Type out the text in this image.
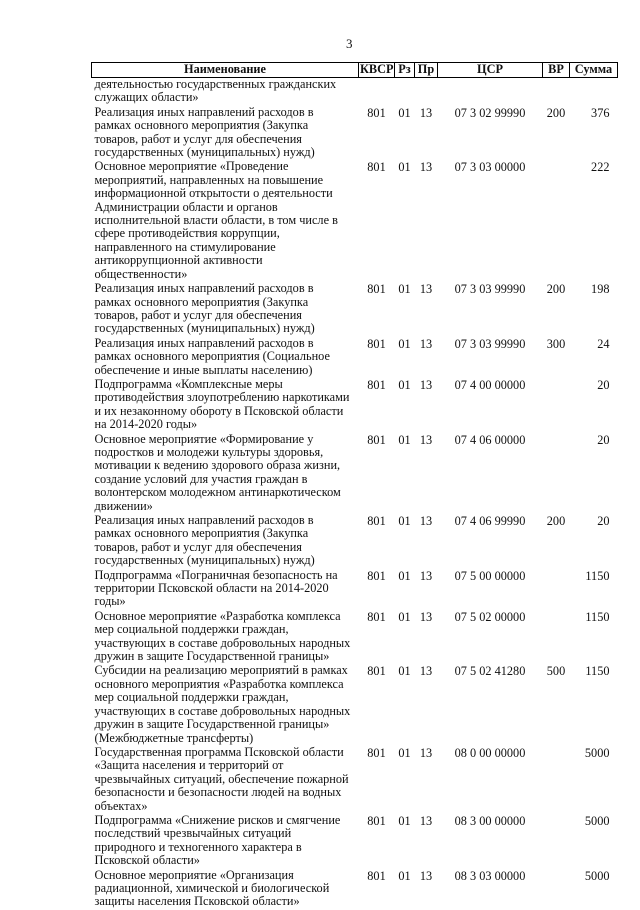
3
Наименование	КВСР	Рз	Пр	ЦСР	ВР	Сумма
деятельностью государственных гражданских служащих области»						
Реализация иных направлений расходов в рамках основного мероприятия (Закупка товаров, работ и услуг для обеспечения государственных (муниципальных) нужд)	801	01	13	07 3 02 99990	200	376
Основное мероприятие «Проведение мероприятий, направленных на повышение информационной открытости о деятельности Администрации области и органов исполнительной власти области, в том числе в сфере противодействия коррупции, направленного на стимулирование антикоррупционной активности общественности»	801	01	13	07 3 03 00000		222
Реализация иных направлений расходов в рамках основного мероприятия (Закупка товаров, работ и услуг для обеспечения государственных (муниципальных) нужд)	801	01	13	07 3 03 99990	200	198
Реализация иных направлений расходов в рамках основного мероприятия (Социальное обеспечение и иные выплаты населению)	801	01	13	07 3 03 99990	300	24
Подпрограмма «Комплексные меры противодействия злоупотреблению наркотиками и их незаконному обороту в Псковской области на 2014-2020 годы»	801	01	13	07 4 00 00000		20
Основное мероприятие «Формирование у подростков и молодежи культуры здоровья, мотивации к ведению здорового образа жизни, создание условий для участия граждан в волонтерском молодежном антинаркотическом движении»	801	01	13	07 4 06 00000		20
Реализация иных направлений расходов в рамках основного мероприятия (Закупка товаров, работ и услуг для обеспечения государственных (муниципальных) нужд)	801	01	13	07 4 06 99990	200	20
Подпрограмма «Пограничная безопасность на территории Псковской области на 2014-2020 годы»	801	01	13	07 5 00 00000		1150
Основное мероприятие «Разработка комплекса мер социальной поддержки граждан, участвующих в составе добровольных народных дружин в защите Государственной границы»	801	01	13	07 5 02 00000		1150
Субсидии на реализацию мероприятий в рамках основного мероприятия «Разработка комплекса мер социальной поддержки граждан, участвующих в составе добровольных народных дружин в защите Государственной границы» (Межбюджетные трансферты)	801	01	13	07 5 02 41280	500	1150
Государственная программа Псковской области «Защита населения и территорий от чрезвычайных ситуаций, обеспечение пожарной безопасности и безопасности людей на водных объектах»	801	01	13	08 0 00 00000		5000
Подпрограмма «Снижение рисков и смягчение последствий чрезвычайных ситуаций природного и техногенного характера в Псковской области»	801	01	13	08 3 00 00000		5000
Основное мероприятие «Организация радиационной, химической и биологической защиты населения Псковской области»	801	01	13	08 3 03 00000		5000
